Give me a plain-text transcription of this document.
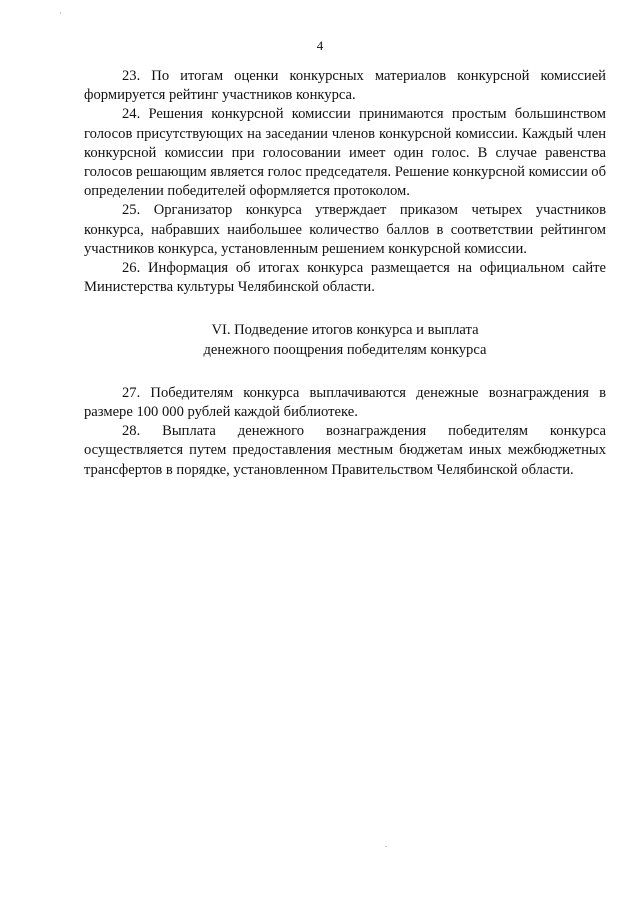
4

23. По итогам оценки конкурсных материалов конкурсной комиссией формируется рейтинг участников конкурса.

24. Решения конкурсной комиссии принимаются простым большинством голосов присутствующих на заседании членов конкурсной комиссии. Каждый член конкурсной комиссии при голосовании имеет один голос. В случае равенства голосов решающим является голос председателя. Решение конкурсной комиссии об определении победителей оформляется протоколом.

25. Организатор конкурса утверждает приказом четырех участников конкурса, набравших наибольшее количество баллов в соответствии рейтингом участников конкурса, установленным решением конкурсной комиссии.

26. Информация об итогах конкурса размещается на официальном сайте Министерства культуры Челябинской области.

VI. Подведение итогов конкурса и выплата
денежного поощрения победителям конкурса

27. Победителям конкурса выплачиваются денежные вознаграждения в размере 100 000 рублей каждой библиотеке.

28. Выплата денежного вознаграждения победителям конкурса осуществляется путем предоставления местным бюджетам иных межбюджетных трансфертов в порядке, установленном Правительством Челябинской области.
